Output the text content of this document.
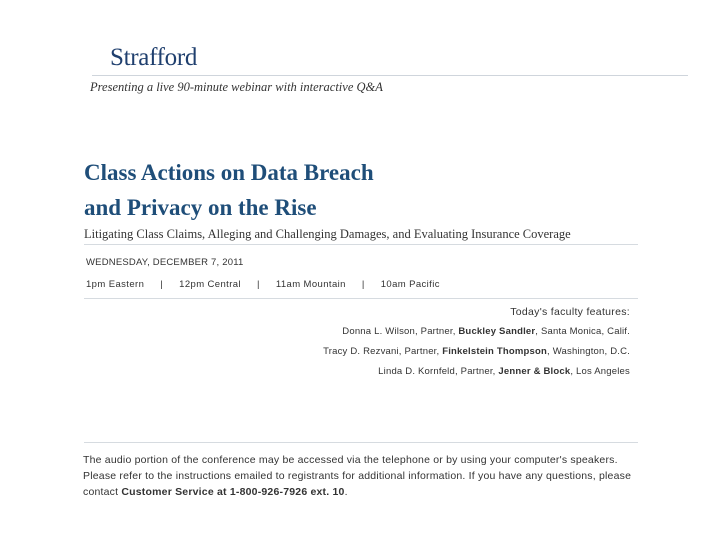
Strafford
Presenting a live 90-minute webinar with interactive Q&A
Class Actions on Data Breach
and Privacy on the Rise
Litigating Class Claims, Alleging and Challenging Damages, and Evaluating Insurance Coverage
WEDNESDAY, DECEMBER 7, 2011
1pm Eastern | 12pm Central | 11am Mountain | 10am Pacific
Today's faculty features:
Donna L. Wilson, Partner, Buckley Sandler, Santa Monica, Calif.
Tracy D. Rezvani, Partner, Finkelstein Thompson, Washington, D.C.
Linda D. Kornfeld, Partner, Jenner & Block, Los Angeles

The audio portion of the conference may be accessed via the telephone or by using your computer's speakers. Please refer to the instructions emailed to registrants for additional information. If you have any questions, please contact Customer Service at 1-800-926-7926 ext. 10.
